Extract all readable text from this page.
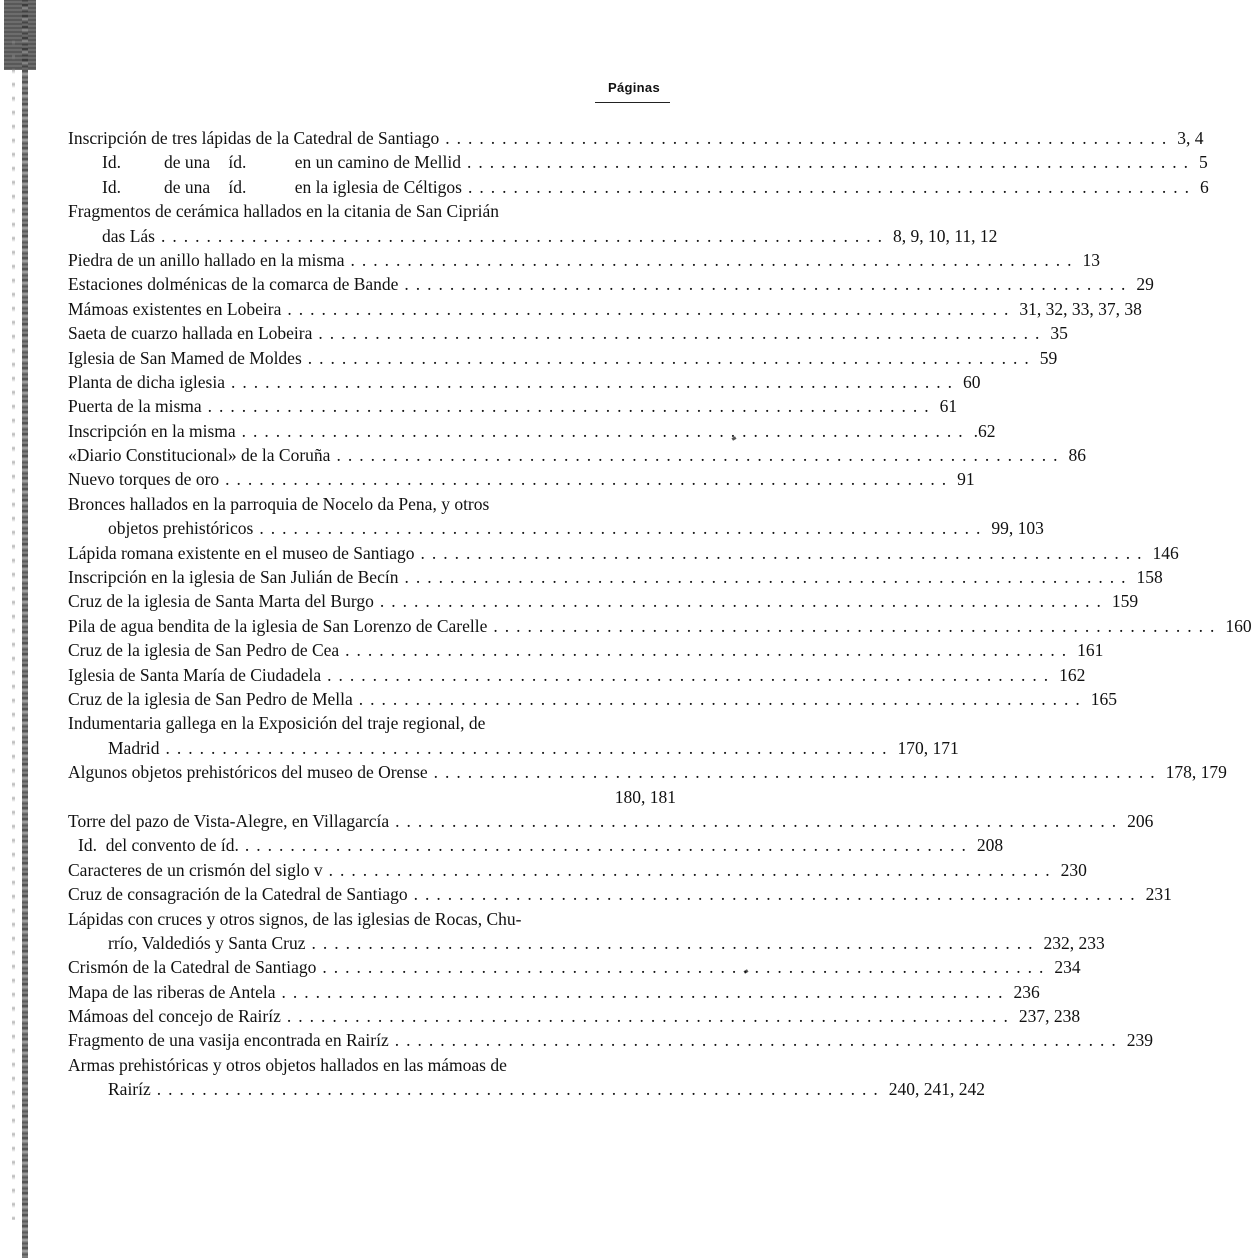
Páginas
Inscripción de tres lápidas de la Catedral de Santiago ................................................................ 3, 4
Id. de una íd.	en un camino de Mellid ................................................................ 5
Id. de una íd.	en la iglesia de Céltigos ................................................................ 6
Fragmentos de cerámica hallados en la citania de San Ciprián
das Lás ................................................................ 8, 9, 10, 11, 12
Piedra de un anillo hallado en la misma ................................................................ 13
Estaciones dolménicas de la comarca de Bande ................................................................ 29
Mámoas existentes en Lobeira ................................................................ 31, 32, 33, 37, 38
Saeta de cuarzo hallada en Lobeira ................................................................ 35
Iglesia de San Mamed de Moldes ................................................................ 59
Planta de dicha iglesia ................................................................ 60
Puerta de la misma ................................................................ 61
Inscripción en la misma ................................................................ .62
«Diario Constitucional» de la Coruña ................................................................ 86
Nuevo torques de oro ................................................................ 91
Bronces hallados en la parroquia de Nocelo da Pena, y otros
objetos prehistóricos ................................................................ 99, 103
Lápida romana existente en el museo de Santiago ................................................................ 146
Inscripción en la iglesia de San Julián de Becín ................................................................ 158
Cruz de la iglesia de Santa Marta del Burgo ................................................................ 159
Pila de agua bendita de la iglesia de San Lorenzo de Carelle ................................................................ 160
Cruz de la iglesia de San Pedro de Cea ................................................................ 161
Iglesia de Santa María de Ciudadela ................................................................ 162
Cruz de la iglesia de San Pedro de Mella ................................................................ 165
Indumentaria gallega en la Exposición del traje regional, de
Madrid ................................................................ 170, 171
Algunos objetos prehistóricos del museo de Orense ................................................................ 178, 179
180, 181
Torre del pazo de Vista-Alegre, en Villagarcía ................................................................ 206
Id. del convento de íd. ................................................................ 208
Caracteres de un crismón del siglo v ................................................................ 230
Cruz de consagración de la Catedral de Santiago ................................................................ 231
Lápidas con cruces y otros signos, de las iglesias de Rocas, Chu-
rrío, Valdediós y Santa Cruz ................................................................ 232, 233
Crismón de la Catedral de Santiago ................................................................ 234
Mapa de las riberas de Antela ................................................................ 236
Mámoas del concejo de Rairíz ................................................................ 237, 238
Fragmento de una vasija encontrada en Rairíz ................................................................ 239
Armas prehistóricas y otros objetos hallados en las mámoas de
Rairíz ................................................................ 240, 241, 242
